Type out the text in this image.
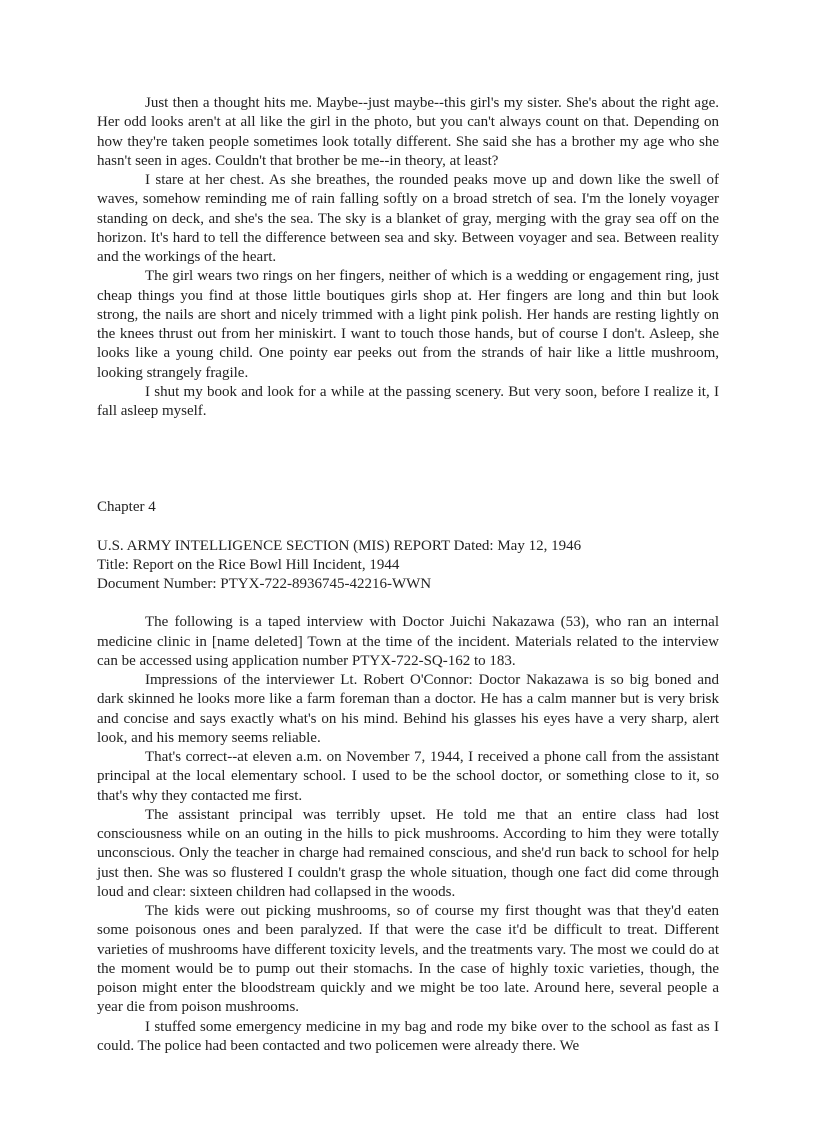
Just then a thought hits me. Maybe--just maybe--this girl's my sister. She's about the right age. Her odd looks aren't at all like the girl in the photo, but you can't always count on that. Depending on how they're taken people sometimes look totally different. She said she has a brother my age who she hasn't seen in ages. Couldn't that brother be me--in theory, at least?

I stare at her chest. As she breathes, the rounded peaks move up and down like the swell of waves, somehow reminding me of rain falling softly on a broad stretch of sea. I'm the lonely voyager standing on deck, and she's the sea. The sky is a blanket of gray, merging with the gray sea off on the horizon. It's hard to tell the difference between sea and sky. Between voyager and sea. Between reality and the workings of the heart.

The girl wears two rings on her fingers, neither of which is a wedding or engagement ring, just cheap things you find at those little boutiques girls shop at. Her fingers are long and thin but look strong, the nails are short and nicely trimmed with a light pink polish. Her hands are resting lightly on the knees thrust out from her miniskirt. I want to touch those hands, but of course I don't. Asleep, she looks like a young child. One pointy ear peeks out from the strands of hair like a little mushroom, looking strangely fragile.

I shut my book and look for a while at the passing scenery. But very soon, before I realize it, I fall asleep myself.

Chapter 4

U.S. ARMY INTELLIGENCE SECTION (MIS) REPORT Dated: May 12, 1946

Title: Report on the Rice Bowl Hill Incident, 1944

Document Number: PTYX-722-8936745-42216-WWN

The following is a taped interview with Doctor Juichi Nakazawa (53), who ran an internal medicine clinic in [name deleted] Town at the time of the incident. Materials related to the interview can be accessed using application number PTYX-722-SQ-162 to 183.

Impressions of the interviewer Lt. Robert O'Connor: Doctor Nakazawa is so big boned and dark skinned he looks more like a farm foreman than a doctor. He has a calm manner but is very brisk and concise and says exactly what's on his mind. Behind his glasses his eyes have a very sharp, alert look, and his memory seems reliable.

That's correct--at eleven a.m. on November 7, 1944, I received a phone call from the assistant principal at the local elementary school. I used to be the school doctor, or something close to it, so that's why they contacted me first.

The assistant principal was terribly upset. He told me that an entire class had lost consciousness while on an outing in the hills to pick mushrooms. According to him they were totally unconscious. Only the teacher in charge had remained conscious, and she'd run back to school for help just then. She was so flustered I couldn't grasp the whole situation, though one fact did come through loud and clear: sixteen children had collapsed in the woods.

The kids were out picking mushrooms, so of course my first thought was that they'd eaten some poisonous ones and been paralyzed. If that were the case it'd be difficult to treat. Different varieties of mushrooms have different toxicity levels, and the treatments vary. The most we could do at the moment would be to pump out their stomachs. In the case of highly toxic varieties, though, the poison might enter the bloodstream quickly and we might be too late. Around here, several people a year die from poison mushrooms.

I stuffed some emergency medicine in my bag and rode my bike over to the school as fast as I could. The police had been contacted and two policemen were already there. We
